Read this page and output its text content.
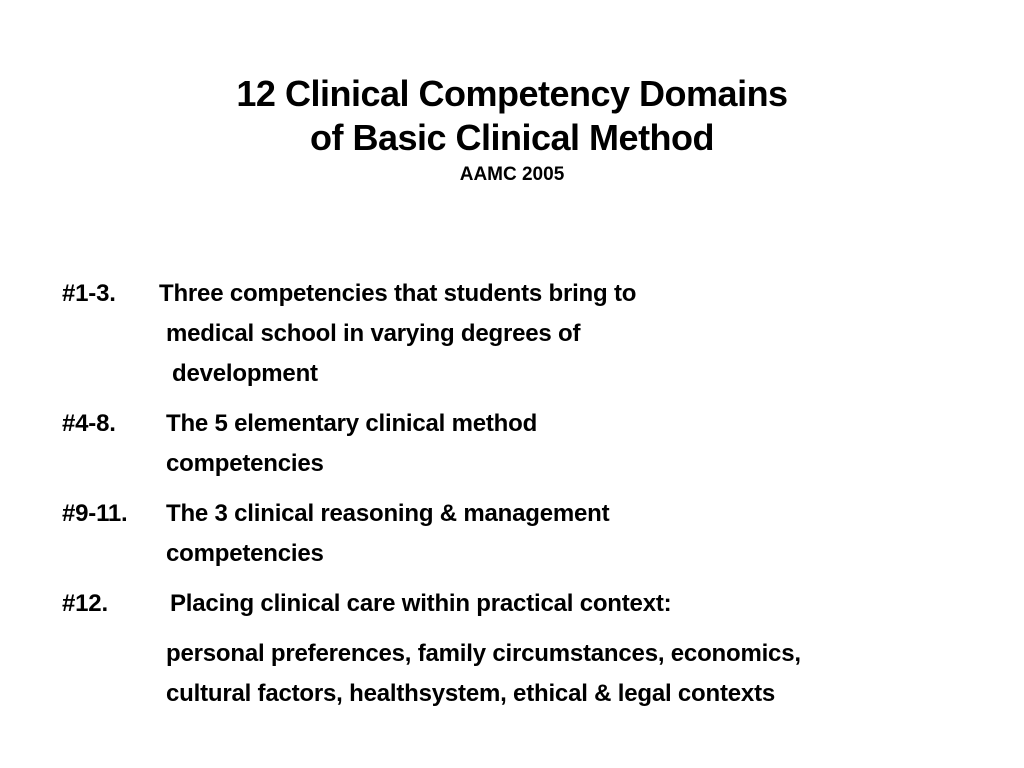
12 Clinical Competency Domains
of Basic Clinical Method
AAMC 2005
#1-3. Three competencies that students bring to
medical school in varying degrees of
development
#4-8. The 5 elementary clinical method
competencies
#9-11. The 3 clinical reasoning & management
competencies
#12.	Placing clinical care within practical context:
personal preferences, family circumstances, economics,
cultural factors, healthsystem, ethical & legal contexts
